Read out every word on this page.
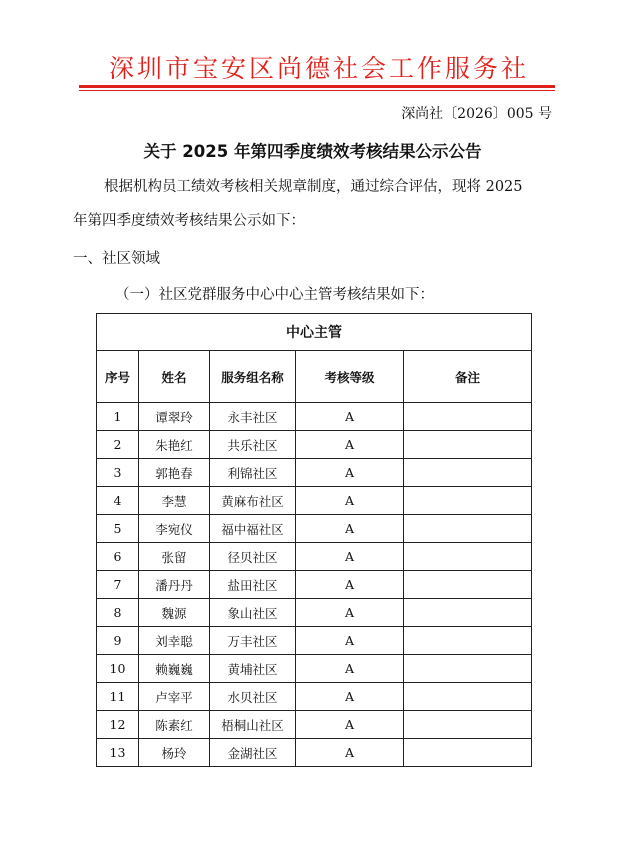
深圳市宝安区尚德社会工作服务社
深尚社〔2026〕005 号
关于 2025 年第四季度绩效考核结果公示公告
根据机构员工绩效考核相关规章制度，通过综合评估，现将 2025
年第四季度绩效考核结果公示如下：
一、社区领域
（一）社区党群服务中心中心主管考核结果如下：
中心主管				
序号	姓名	服务组名称	考核等级	备注
1	谭翠玲	永丰社区	A	
2	朱艳红	共乐社区	A	
3	郭艳春	利锦社区	A	
4	李慧	黄麻布社区	A	
5	李宛仪	福中福社区	A	
6	张留	径贝社区	A	
7	潘丹丹	盐田社区	A	
8	魏源	象山社区	A	
9	刘幸聪	万丰社区	A	
10	赖巍巍	黄埔社区	A	
11	卢宰平	水贝社区	A	
12	陈素红	梧桐山社区	A	
13	杨玲	金湖社区	A	
